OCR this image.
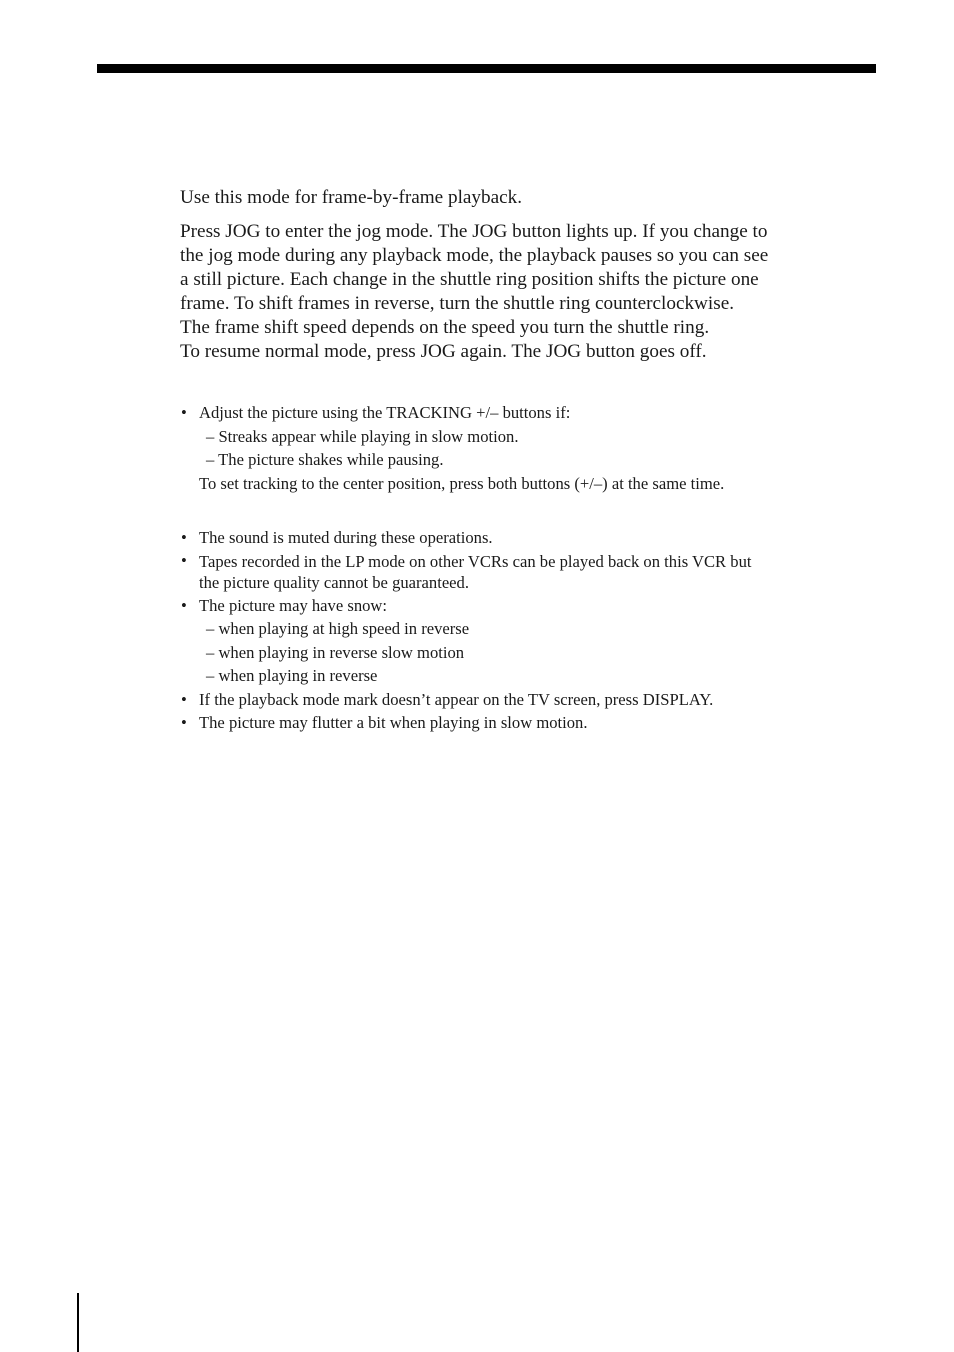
Use this mode for frame-by-frame playback.

Press JOG to enter the jog mode. The JOG button lights up. If you change to
the jog mode during any playback mode, the playback pauses so you can see
a still picture. Each change in the shuttle ring position shifts the picture one
frame. To shift frames in reverse, turn the shuttle ring counterclockwise.
The frame shift speed depends on the speed you turn the shuttle ring.
To resume normal mode, press JOG again. The JOG button goes off.
• Adjust the picture using the TRACKING +/– buttons if:
– Streaks appear while playing in slow motion.
– The picture shakes while pausing.
To set tracking to the center position, press both buttons (+/–) at the same time.
• The sound is muted during these operations.
• Tapes recorded in the LP mode on other VCRs can be played back on this VCR but
the picture quality cannot be guaranteed.
• The picture may have snow:
– when playing at high speed in reverse
– when playing in reverse slow motion
– when playing in reverse
• If the playback mode mark doesn’t appear on the TV screen, press DISPLAY.
• The picture may flutter a bit when playing in slow motion.
